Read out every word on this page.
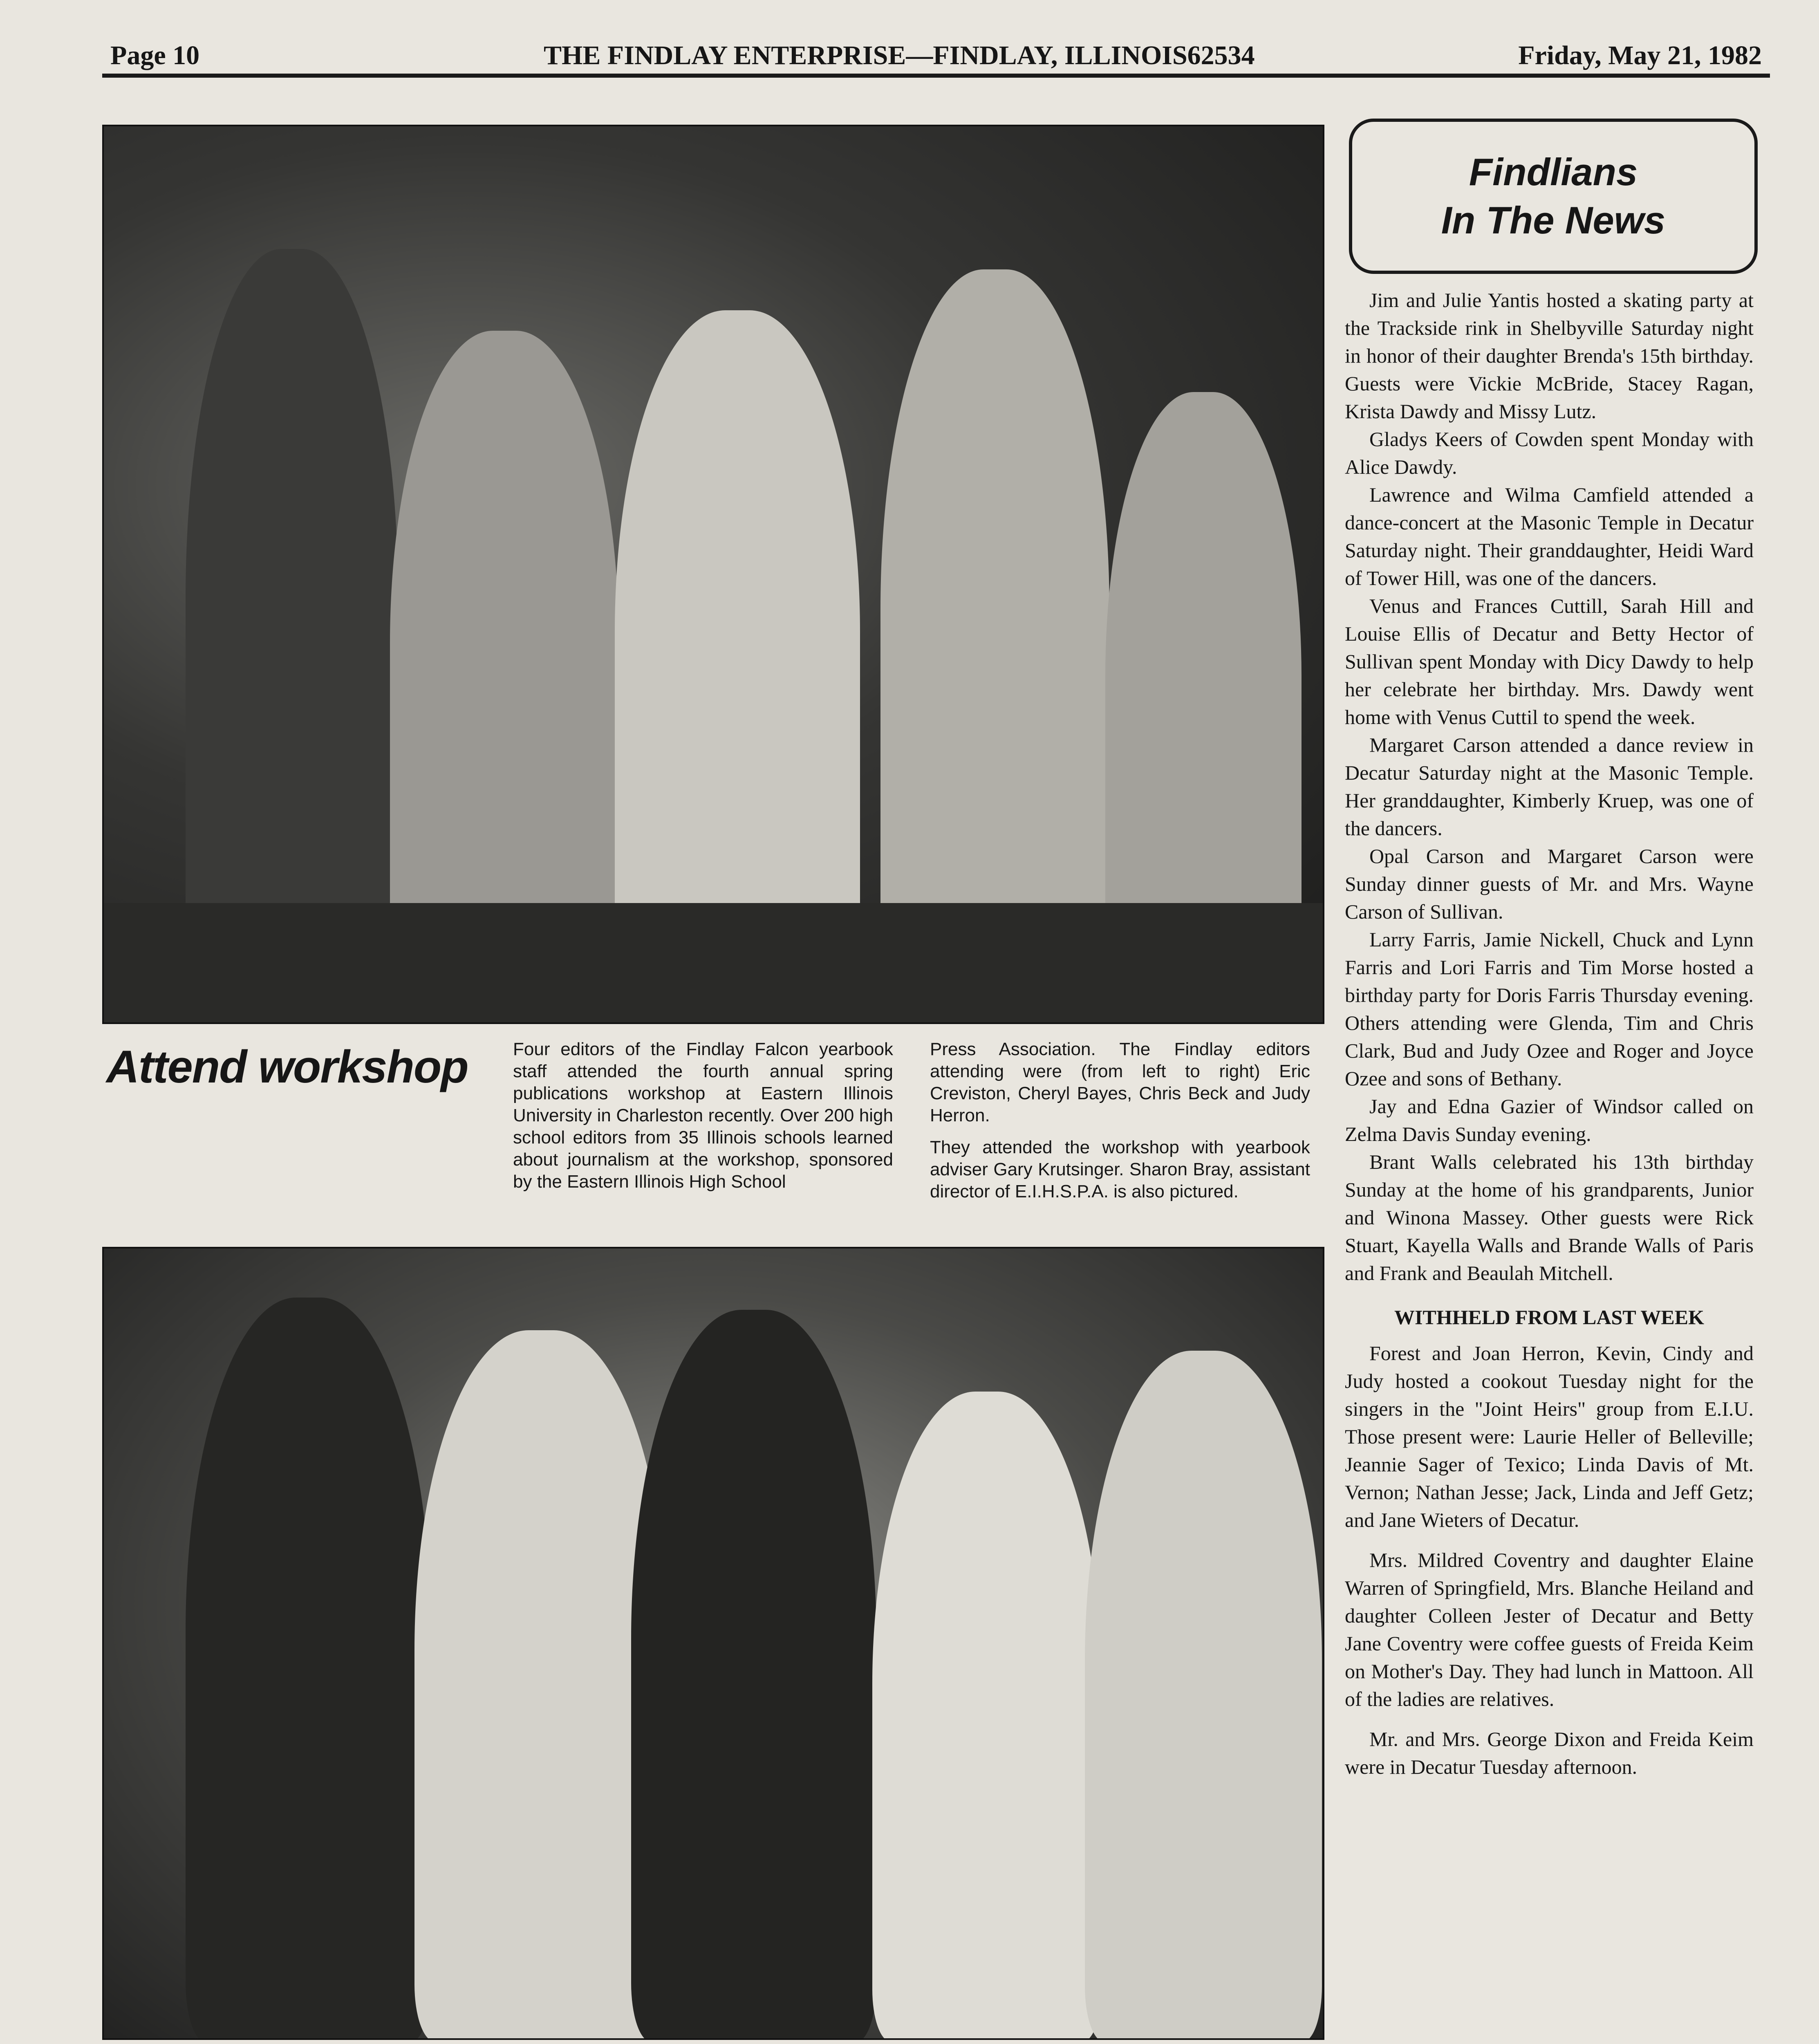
Page 10	THE FINDLAY ENTERPRISE—FINDLAY, ILLINOIS62534	Friday, May 21, 1982
Attend workshop	Four editors of the Findlay Falcon yearbook staff attended the fourth annual spring publications workshop at Eastern Illinois University in Charleston recently. Over 200 high school editors from 35 Illinois schools learned about journalism at the workshop, sponsored by the Eastern Illinois High School

Press Association. The Findlay editors attending were (from left to right) Eric Creviston, Cheryl Bayes, Chris Beck and Judy Herron.

They attended the workshop with yearbook adviser Gary Krutsinger. Sharon Bray, assistant director of E.I.H.S.P.A. is also pictured.

Findlians
In The News

Jim and Julie Yantis hosted a skating party at the Trackside rink in Shelbyville Saturday night in honor of their daughter Brenda's 15th birthday. Guests were Vickie McBride, Stacey Ragan, Krista Dawdy and Missy Lutz.

Gladys Keers of Cowden spent Monday with Alice Dawdy.

Lawrence and Wilma Camfield attended a dance-concert at the Masonic Temple in Decatur Saturday night. Their granddaughter, Heidi Ward of Tower Hill, was one of the dancers.

Venus and Frances Cuttill, Sarah Hill and Louise Ellis of Decatur and Betty Hector of Sullivan spent Monday with Dicy Dawdy to help her celebrate her birthday. Mrs. Dawdy went home with Venus Cuttil to spend the week.

Margaret Carson attended a dance review in Decatur Saturday night at the Masonic Temple. Her granddaughter, Kimberly Kruep, was one of the dancers.

Opal Carson and Margaret Carson were Sunday dinner guests of Mr. and Mrs. Wayne Carson of Sullivan.

Larry Farris, Jamie Nickell, Chuck and Lynn Farris and Lori Farris and Tim Morse hosted a birthday party for Doris Farris Thursday evening. Others attending were Glenda, Tim and Chris Clark, Bud and Judy Ozee and Roger and Joyce Ozee and sons of Bethany.

Jay and Edna Gazier of Windsor called on Zelma Davis Sunday evening.

Brant Walls celebrated his 13th birthday Sunday at the home of his grandparents, Junior and Winona Massey. Other guests were Rick Stuart, Kayella Walls and Brande Walls of Paris and Frank and Beaulah Mitchell.

WITHHELD FROM LAST WEEK

Forest and Joan Herron, Kevin, Cindy and Judy hosted a cookout Tuesday night for the singers in the "Joint Heirs" group from E.I.U. Those present were: Laurie Heller of Belleville; Jeannie Sager of Texico; Linda Davis of Mt. Vernon; Nathan Jesse; Jack, Linda and Jeff Getz; and Jane Wieters of Decatur.

Mrs. Mildred Coventry and daughter Elaine Warren of Springfield, Mrs. Blanche Heiland and daughter Colleen Jester of Decatur and Betty Jane Coventry were coffee guests of Freida Keim on Mother's Day. They had lunch in Mattoon. All of the ladies are relatives.

Mr. and Mrs. George Dixon and Freida Keim were in Decatur Tuesday afternoon.
